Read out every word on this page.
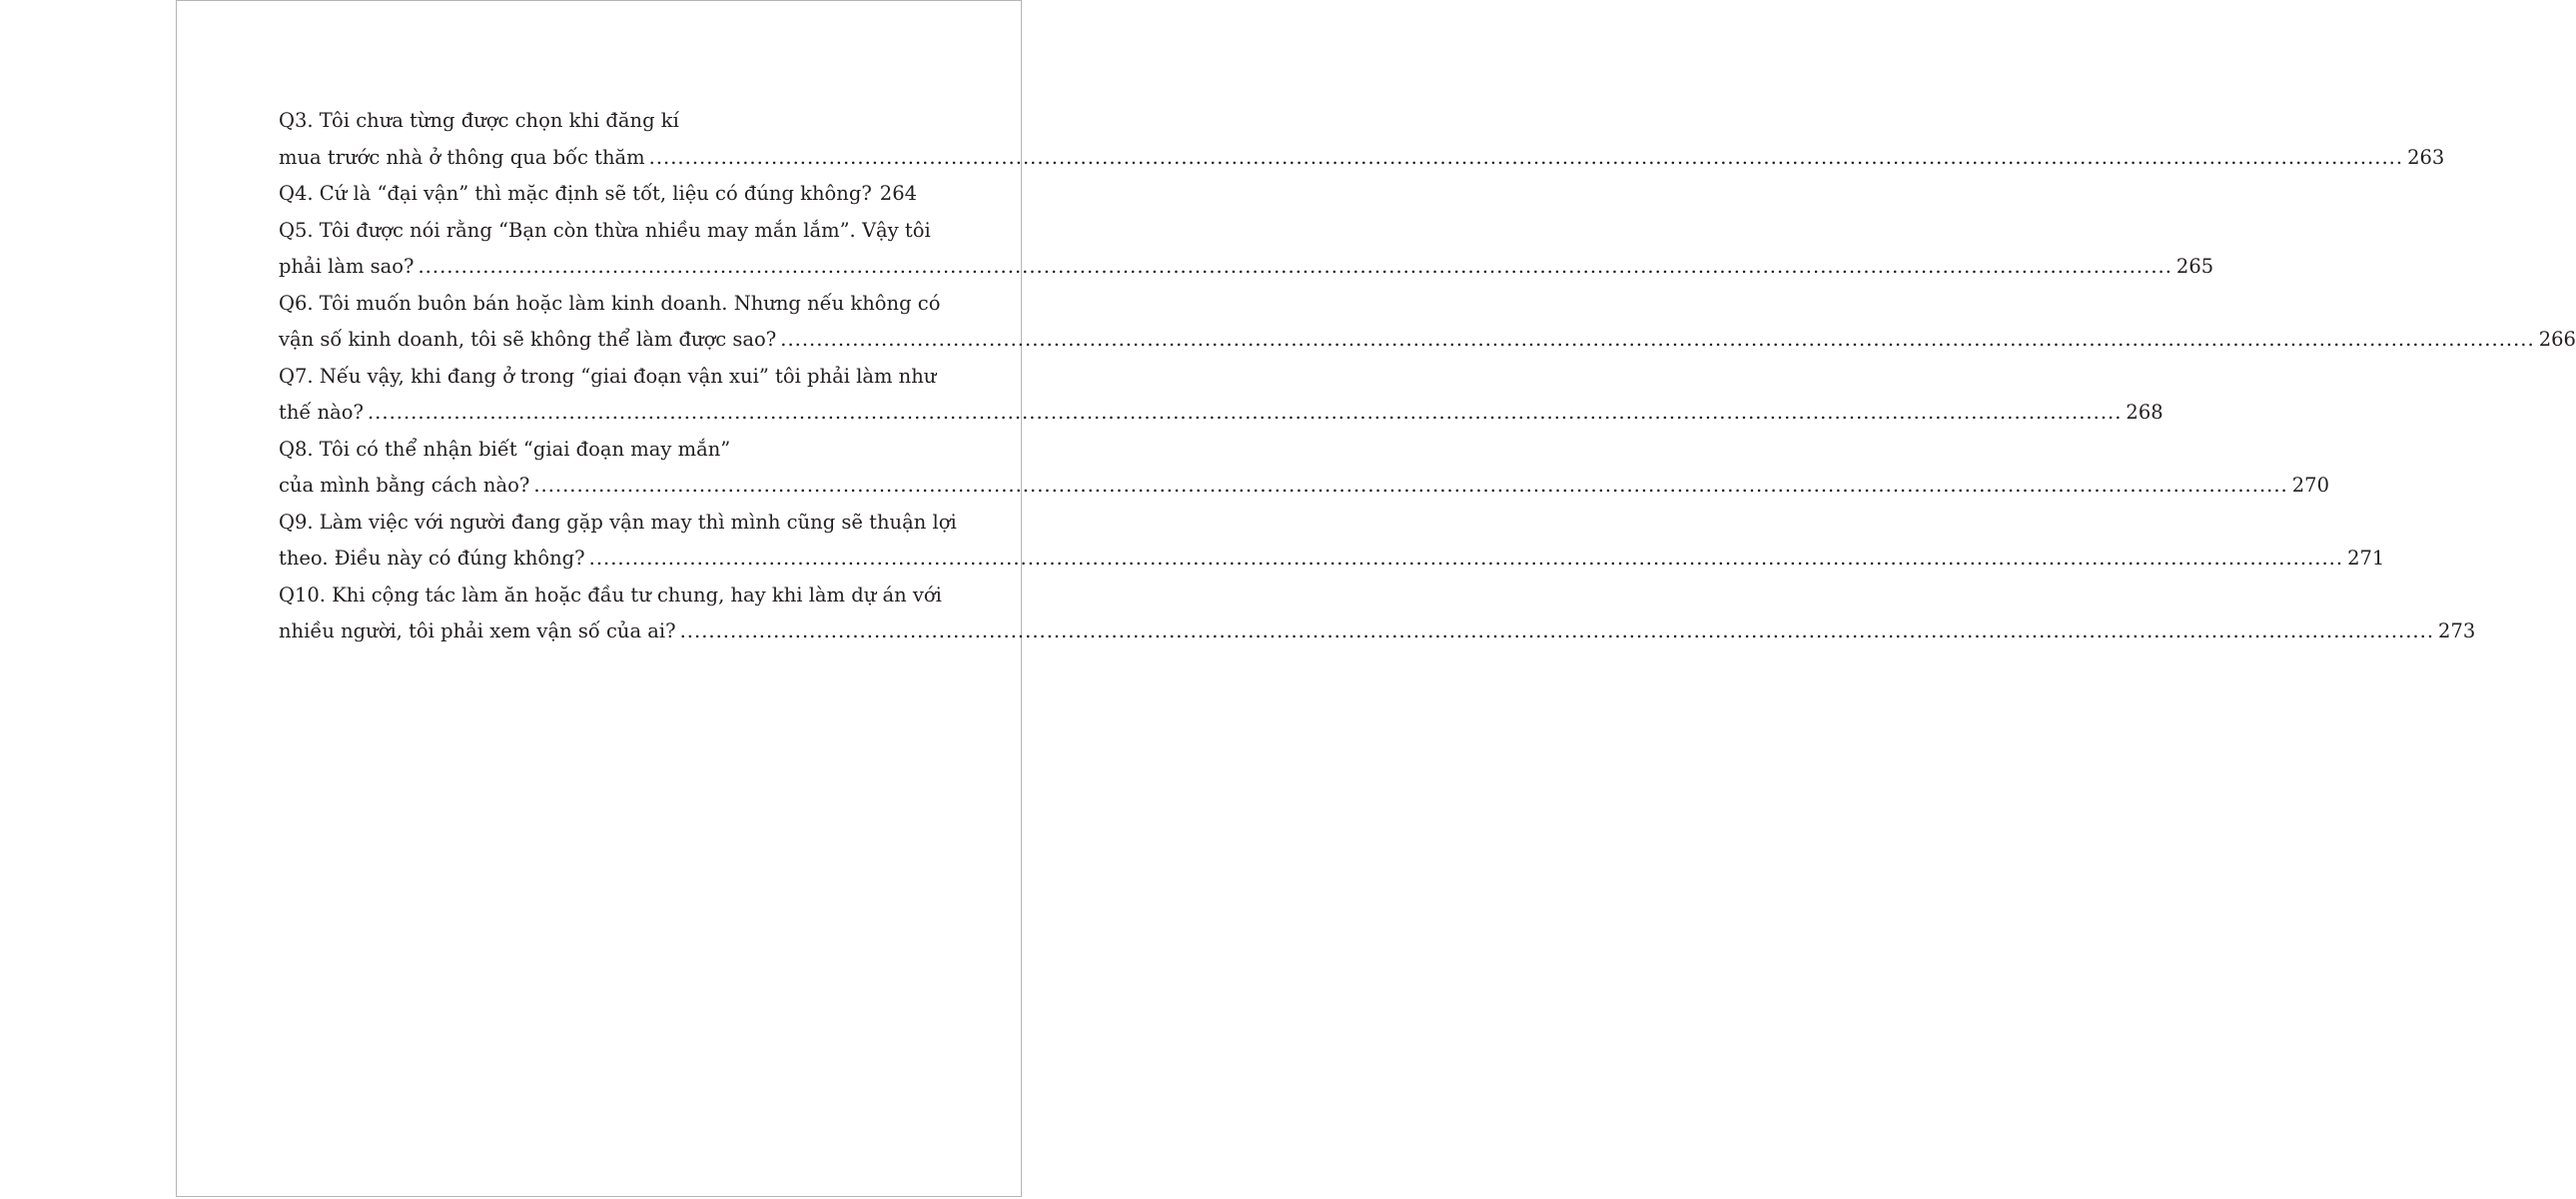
Q3. Tôi chưa từng được chọn khi đăng kí
mua trước nhà ở thông qua bốc thăm .....	263
Q4. Cứ là “đại vận” thì mặc định sẽ tốt, liệu có đúng không? 264
Q5. Tôi được nói rằng “Bạn còn thừa nhiều may mắn lắm”. Vậy tôi
phải làm sao? .....	265
Q6. Tôi muốn buôn bán hoặc làm kinh doanh. Nhưng nếu không có
vận số kinh doanh, tôi sẽ không thể làm được sao? .....	266
Q7. Nếu vậy, khi đang ở trong “giai đoạn vận xui” tôi phải làm như
thế nào? .....	268
Q8. Tôi có thể nhận biết “giai đoạn may mắn”
của mình bằng cách nào? .....	270
Q9. Làm việc với người đang gặp vận may thì mình cũng sẽ thuận lợi
theo. Điều này có đúng không? .....	271
Q10. Khi cộng tác làm ăn hoặc đầu tư chung, hay khi làm dự án với
nhiều người, tôi phải xem vận số của ai? .....	273
